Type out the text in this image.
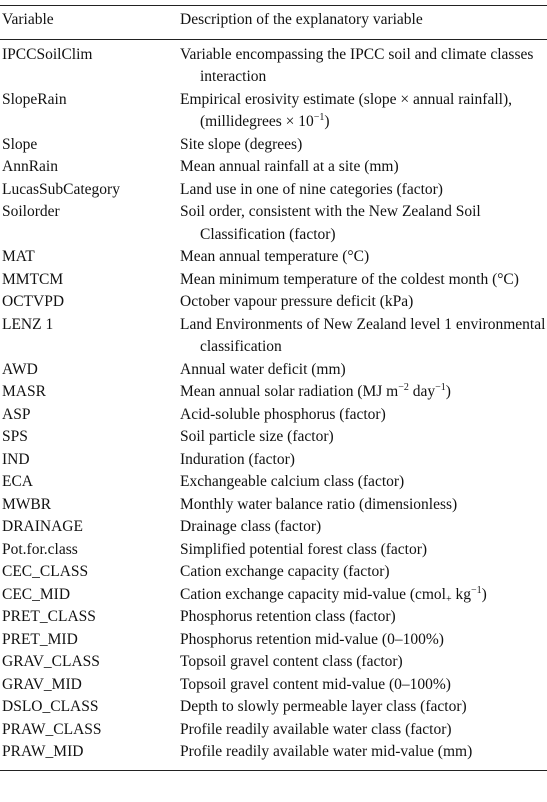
Variable	Description of the explanatory variable
IPCCSoilClim	Variable encompassing the IPCC soil and climate classes interaction

SlopeRain	Empirical erosivity estimate (slope × annual rainfall), (millidegrees × $10^{-1}$)

Slope	Site slope (degrees)

AnnRain	Mean annual rainfall at a site (mm)

LucasSubCategory	Land use in one of nine categories (factor)

Soilorder	Soil order, consistent with the New Zealand Soil Classification (factor)

MAT	Mean annual temperature (°C)

MMTCM	Mean minimum temperature of the coldest month (°C)

OCTVPD	October vapour pressure deficit (kPa)

LENZ 1	Land Environments of New Zealand level 1 environmental classification

AWD	Annual water deficit (mm)

MASR	Mean annual solar radiation (MJ $m^{-2}$ day$^{-1}$)

ASP	Acid-soluble phosphorus (factor)

SPS	Soil particle size (factor)

IND	Induration (factor)

ECA	Exchangeable calcium class (factor)

MWBR	Monthly water balance ratio (dimensionless)

DRAINAGE	Drainage class (factor)

Pot.for.class	Simplified potential forest class (factor)

CEC_CLASS	Cation exchange capacity (factor)

CEC_MID	Cation exchange capacity mid-value (cmol$_+$ $kg^{-1}$)

PRET_CLASS	Phosphorus retention class (factor)

PRET_MID	Phosphorus retention mid-value (0–100%)

GRAV_CLASS	Topsoil gravel content class (factor)

GRAV_MID	Topsoil gravel content mid-value (0–100%)

DSLO_CLASS	Depth to slowly permeable layer class (factor)

PRAW_CLASS	Profile readily available water class (factor)

PRAW_MID	Profile readily available water mid-value (mm)
